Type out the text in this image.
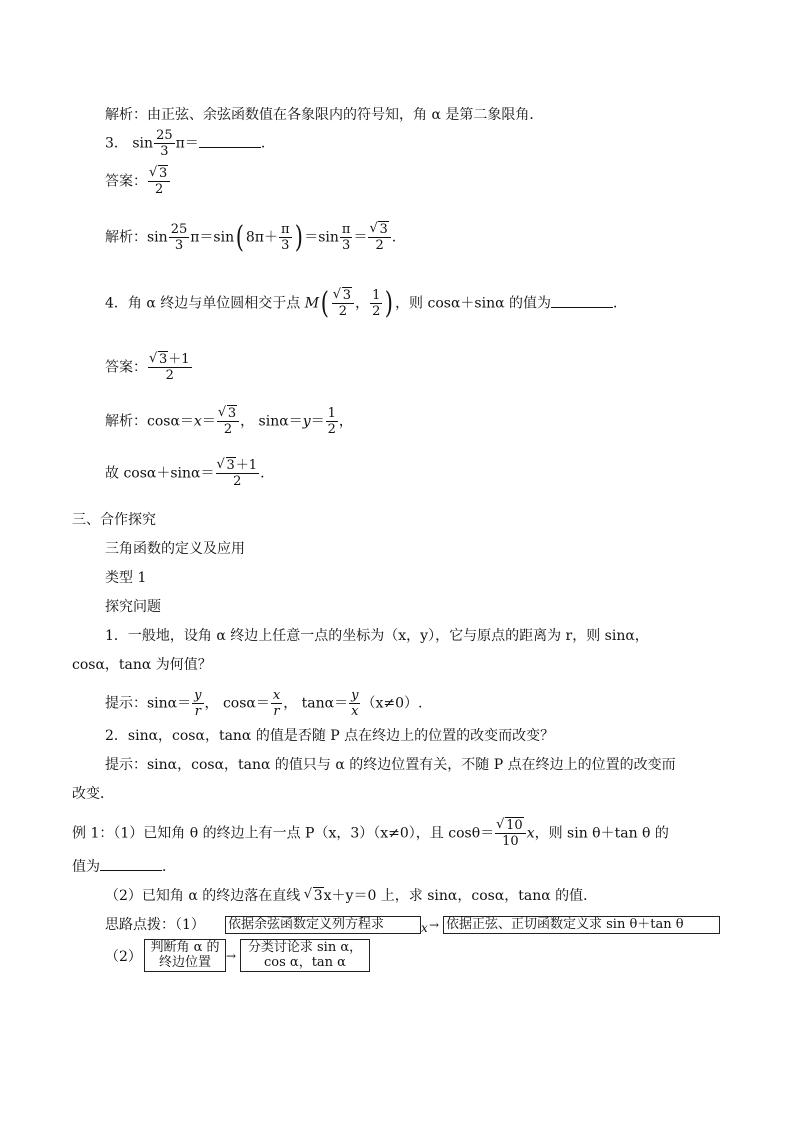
解析：由正弦、余弦函数值在各象限内的符号知，角 α 是第二象限角．
3． $\sin \frac{25}{3} \pi=$	．
答案： √ $\frac{3}{2}$
解析：$\sin \frac{25}{3} \pi=\sin$( $8\pi+ \frac{\pi}{3}$ ) $=\sin \frac{\pi}{3}$ ＝ √ $\frac{3}{2}$ .
4．角 α 终边与单位圆相交于点 M( √ $\frac{3}{2}$ ， $\frac{1}{2}$ ) ，则 cosα＋sinα 的值为	．
答案： √ $\frac{3+1}{2}$
解析：cosα＝x＝ √ $\frac{3}{2}$ ， $\sin\alpha=y= \frac{1}{2}$ ，
故 cosα＋sinα＝ √ $\frac{3+1}{2}$ .
三、合作探究
三角函数的定义及应用
类型 1
探究问题
1．一般地，设角 α 终边上任意一点的坐标为（x，y），它与原点的距离为 r，则 sinα，
cosα，tanα 为何值？
提示：$\sin\alpha= \frac{y}{r}$ ， $\cos\alpha= \frac{x}{r}$ ， $\tan\alpha= \frac{y}{x} (x\ne 0)$.
2．sinα，cosα，tanα 的值是否随 P 点在终边上的位置的改变而改变？
提示：sinα，cosα，tanα 的值只与 α 的终边位置有关，不随 P 点在终边上的位置的改变而
改变．
例 1：（1）已知角 θ 的终边上有一点 P（x，3）（x≠0），且 cosθ＝ √ $\frac{10}{10}$ x，则 sin θ＋tan θ 的
值为	．
（2）已知角 α 的终边落在直线 √ 3x＋y＝0 上，求 sinα，cosα，tanα 的值．
思路点拨：（1） 依据余弦函数定义列方程求	x → 依据正弦、正切函数定义求 sin θ＋tan θ
（2）
判断角 α 的
终边位置	→
分类讨论求 sin α，
cos α，tan α
